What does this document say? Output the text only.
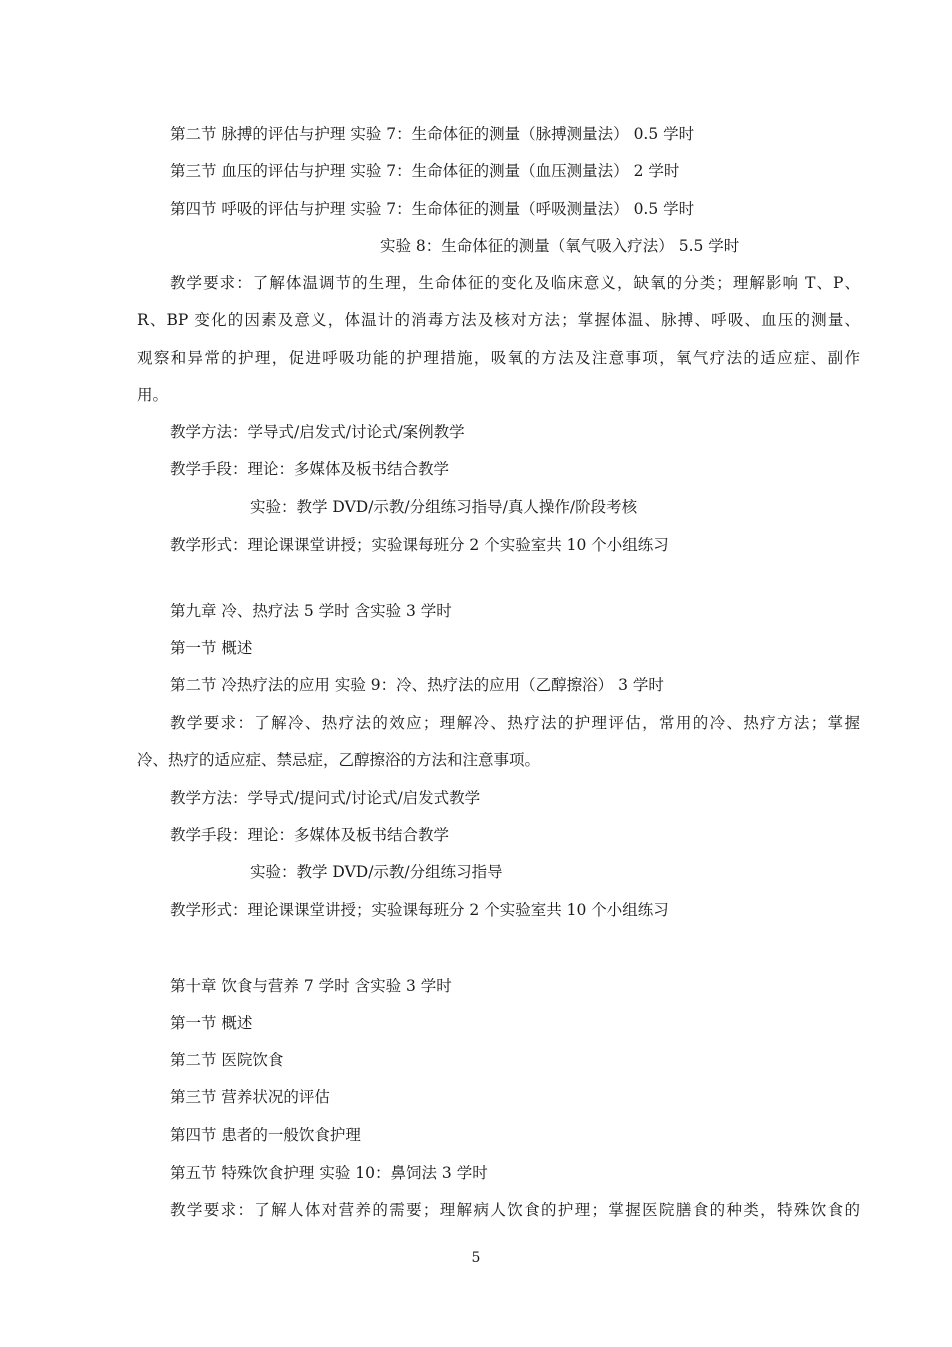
第二节 脉搏的评估与护理 实验 7：生命体征的测量（脉搏测量法） 0.5 学时
第三节 血压的评估与护理 实验 7：生命体征的测量（血压测量法） 2 学时
第四节 呼吸的评估与护理 实验 7：生命体征的测量（呼吸测量法） 0.5 学时
实验 8：生命体征的测量（氧气吸入疗法） 5.5 学时
教学要求：了解体温调节的生理，生命体征的变化及临床意义，缺氧的分类；理解影响 T、P、
R、BP 变化的因素及意义，体温计的消毒方法及核对方法；掌握体温、脉搏、呼吸、血压的测量、
观察和异常的护理，促进呼吸功能的护理措施，吸氧的方法及注意事项，氧气疗法的适应症、副作
用。
教学方法：学导式/启发式/讨论式/案例教学
教学手段：理论：多媒体及板书结合教学
实验：教学 DVD/示教/分组练习指导/真人操作/阶段考核
教学形式：理论课课堂讲授；实验课每班分 2 个实验室共 10 个小组练习
第九章 冷、热疗法 5 学时 含实验 3 学时
第一节 概述
第二节 冷热疗法的应用 实验 9：冷、热疗法的应用（乙醇擦浴） 3 学时
教学要求：了解冷、热疗法的效应；理解冷、热疗法的护理评估，常用的冷、热疗方法；掌握
冷、热疗的适应症、禁忌症，乙醇擦浴的方法和注意事项。
教学方法：学导式/提问式/讨论式/启发式教学
教学手段：理论：多媒体及板书结合教学
实验：教学 DVD/示教/分组练习指导
教学形式：理论课课堂讲授；实验课每班分 2 个实验室共 10 个小组练习
第十章 饮食与营养 7 学时 含实验 3 学时
第一节 概述
第二节 医院饮食
第三节 营养状况的评估
第四节 患者的一般饮食护理
第五节 特殊饮食护理 实验 10：鼻饲法 3 学时
教学要求：了解人体对营养的需要；理解病人饮食的护理；掌握医院膳食的种类，特殊饮食的
5
